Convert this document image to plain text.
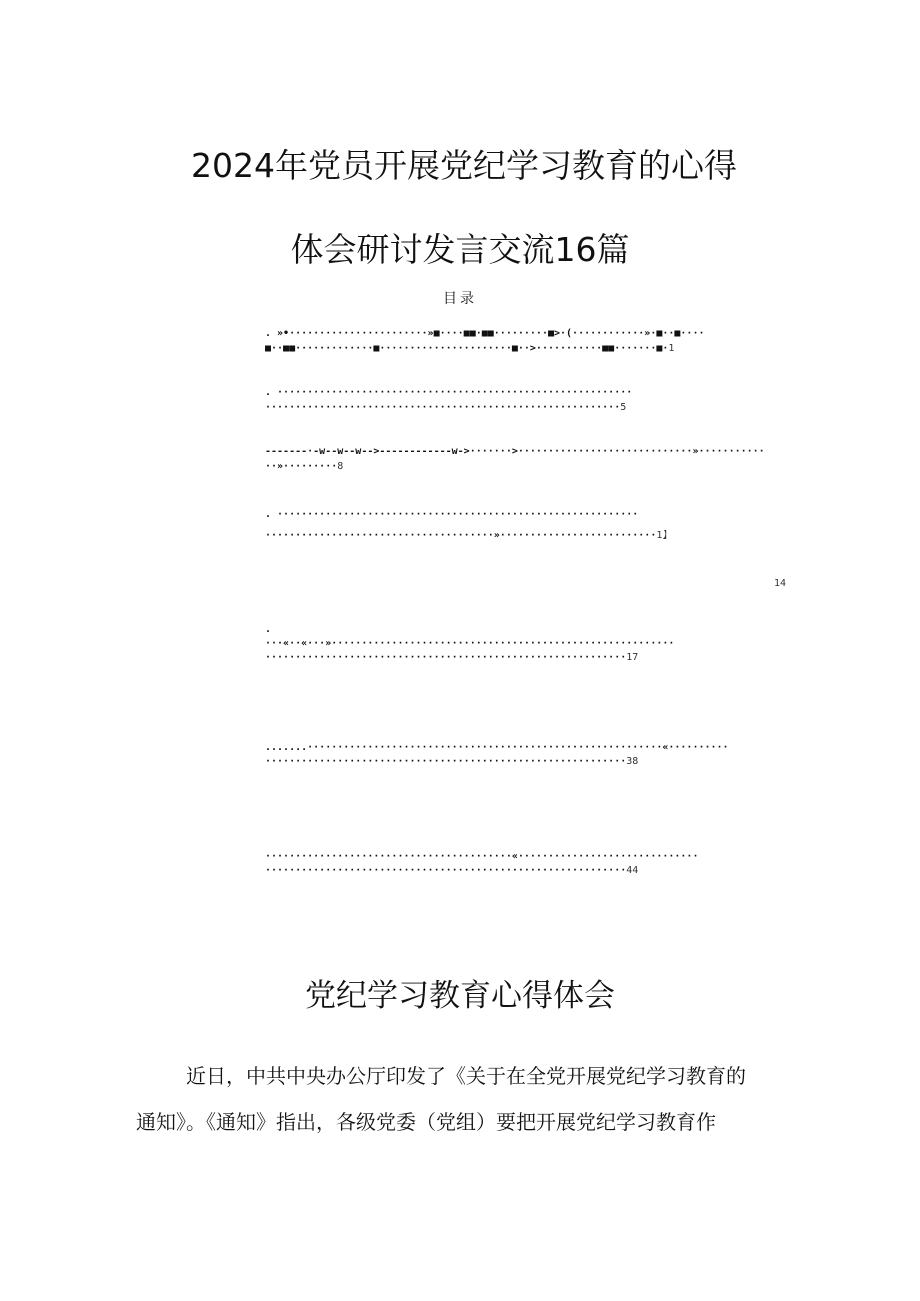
2024年党员开展党纪学习教育的心得
体会研讨发言交流16篇
目录
. »•·······················»■····■■·■■·········■>·(············»·■··■····
■··■■·············■······················■··>···········■■·······■·1
. ···························································
···························································5
-------·-w--w--w-->------------w->·······>·····························»···········
··»·········8
. ····························································
······································»··························1】
14
.
···«··«···»·························································
····························································17
.......···························································«··········
····························································38
·········································«······························
····························································44
党纪学习教育心得体会
近日，中共中央办公厅印发了《关于在全党开展党纪学习教育的
通知》。《通知》指出，各级党委（党组）要把开展党纪学习教育作
